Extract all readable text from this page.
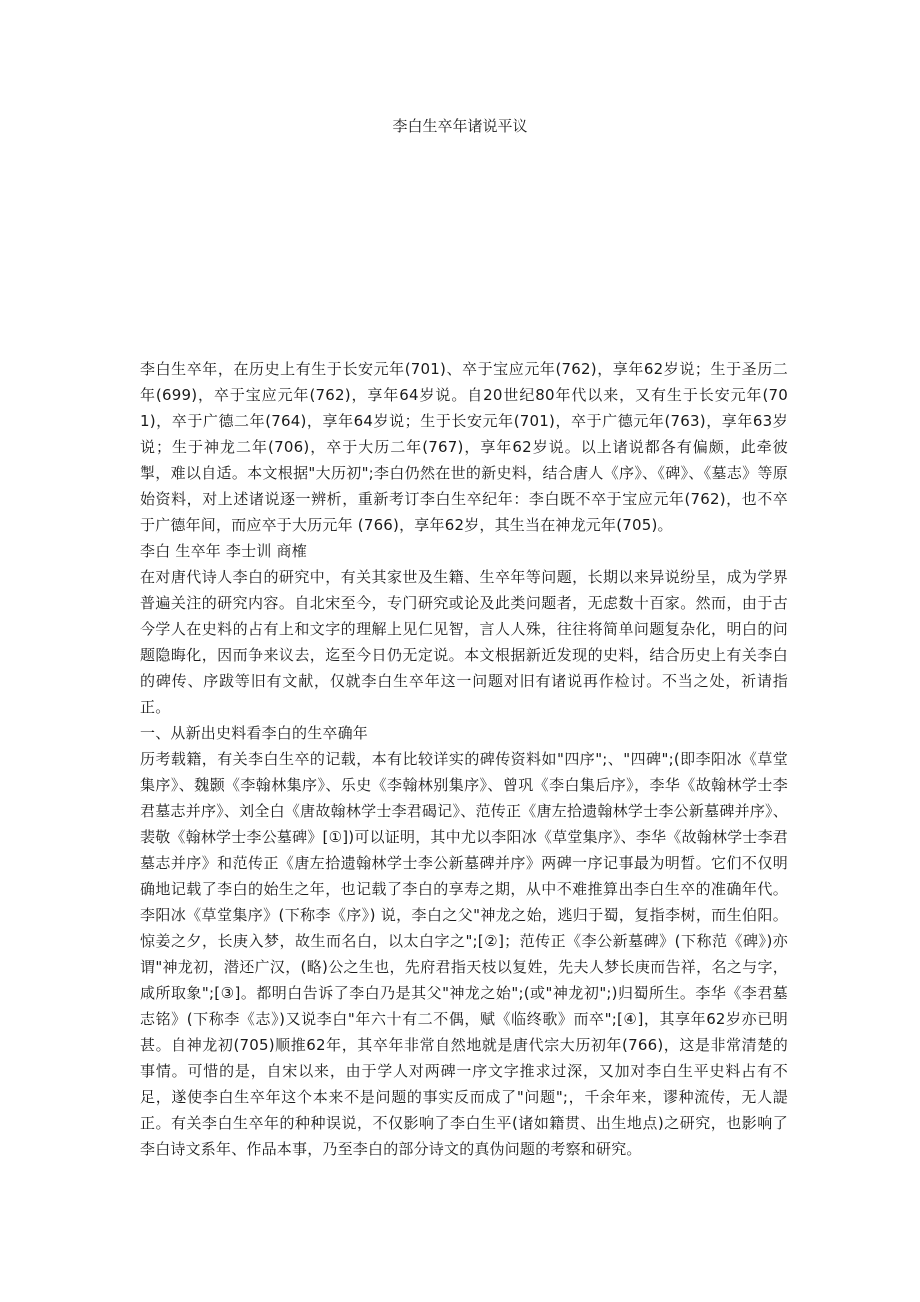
李白生卒年诸说平议

李白生卒年，在历史上有生于长安元年(701)、卒于宝应元年(762)，享年62岁说；生于圣历二年(699)，卒于宝应元年(762)，享年64岁说。自20世纪80年代以来，又有生于长安元年(701)，卒于广德二年(764)，享年64岁说；生于长安元年(701)，卒于广德元年(763)，享年63岁说；生于神龙二年(706)，卒于大历二年(767)，享年62岁说。以上诸说都各有偏颇，此牵彼掣，难以自适。本文根据"大历初";李白仍然在世的新史料，结合唐人《序》、《碑》、《墓志》等原始资料，对上述诸说逐一辨析，重新考订李白生卒纪年：李白既不卒于宝应元年(762)，也不卒于广德年间，而应卒于大历元年 (766)，享年62岁，其生当在神龙元年(705)。

李白 生卒年 李士训 商榷

在对唐代诗人李白的研究中，有关其家世及生籍、生卒年等问题，长期以来异说纷呈，成为学界普遍关注的研究内容。自北宋至今，专门研究或论及此类问题者，无虑数十百家。然而，由于古今学人在史料的占有上和文字的理解上见仁见智，言人人殊，往往将简单问题复杂化，明白的问题隐晦化，因而争来议去，迄至今日仍无定说。本文根据新近发现的史料，结合历史上有关李白的碑传、序跋等旧有文献，仅就李白生卒年这一问题对旧有诸说再作检讨。不当之处，祈请指正。

一、从新出史料看李白的生卒确年

历考载籍，有关李白生卒的记载，本有比较详实的碑传资料如"四序";、"四碑";(即李阳冰《草堂集序》、魏颢《李翰林集序》、乐史《李翰林别集序》、曾巩《李白集后序》，李华《故翰林学士李君墓志并序》、刘全白《唐故翰林学士李君碣记》、范传正《唐左拾遗翰林学士李公新墓碑并序》、裴敬《翰林学士李公墓碑》[①])可以证明，其中尤以李阳冰《草堂集序》、李华《故翰林学士李君墓志并序》和范传正《唐左拾遗翰林学士李公新墓碑并序》两碑一序记事最为明晳。它们不仅明确地记载了李白的始生之年，也记载了李白的享寿之期，从中不难推算出李白生卒的准确年代。李阳冰《草堂集序》(下称李《序》) 说，李白之父"神龙之始，逃归于蜀，复指李树，而生伯阳。惊姜之夕，长庚入梦，故生而名白，以太白字之";[②]；范传正《李公新墓碑》(下称范《碑》)亦谓"神龙初，潜还广汉，(略)公之生也，先府君指天枝以复姓，先夫人梦长庚而告祥，名之与字，咸所取象";[③]。都明白告诉了李白乃是其父"神龙之始";(或"神龙初";)归蜀所生。李华《李君墓志铭》(下称李《志》)又说李白"年六十有二不偶，赋《临终歌》而卒";[④]，其享年62岁亦已明甚。自神龙初(705)顺推62年，其卒年非常自然地就是唐代宗大历初年(766)，这是非常清楚的事情。可惜的是，自宋以来，由于学人对两碑一序文字推求过深，又加对李白生平史料占有不足，遂使李白生卒年这个本来不是问题的事实反而成了"问题";，千余年来，谬种流传，无人諟正。有关李白生卒年的种种误说，不仅影响了李白生平(诸如籍贯、出生地点)之研究，也影响了李白诗文系年、作品本事，乃至李白的部分诗文的真伪问题的考察和研究。
